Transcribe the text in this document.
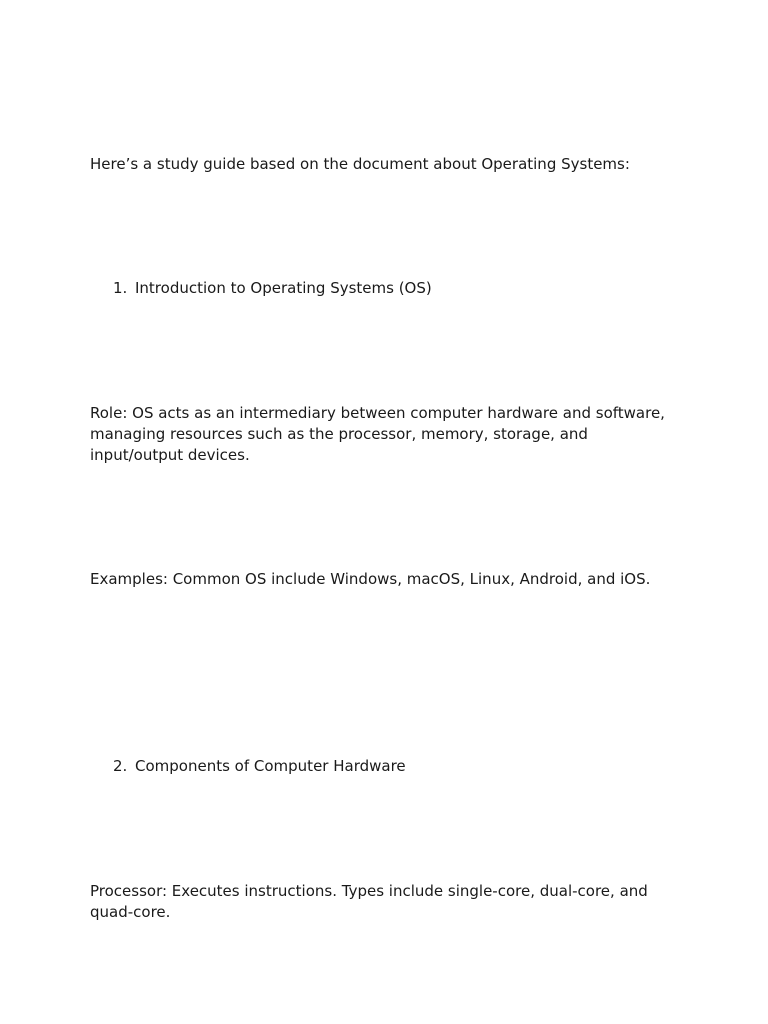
Here’s a study guide based on the document about Operating Systems:

1. Introduction to Operating Systems (OS)

Role: OS acts as an intermediary between computer hardware and software, managing resources such as the processor, memory, storage, and input/output devices.

Examples: Common OS include Windows, macOS, Linux, Android, and iOS.

2. Components of Computer Hardware

Processor: Executes instructions. Types include single-core, dual-core, and quad-core.
